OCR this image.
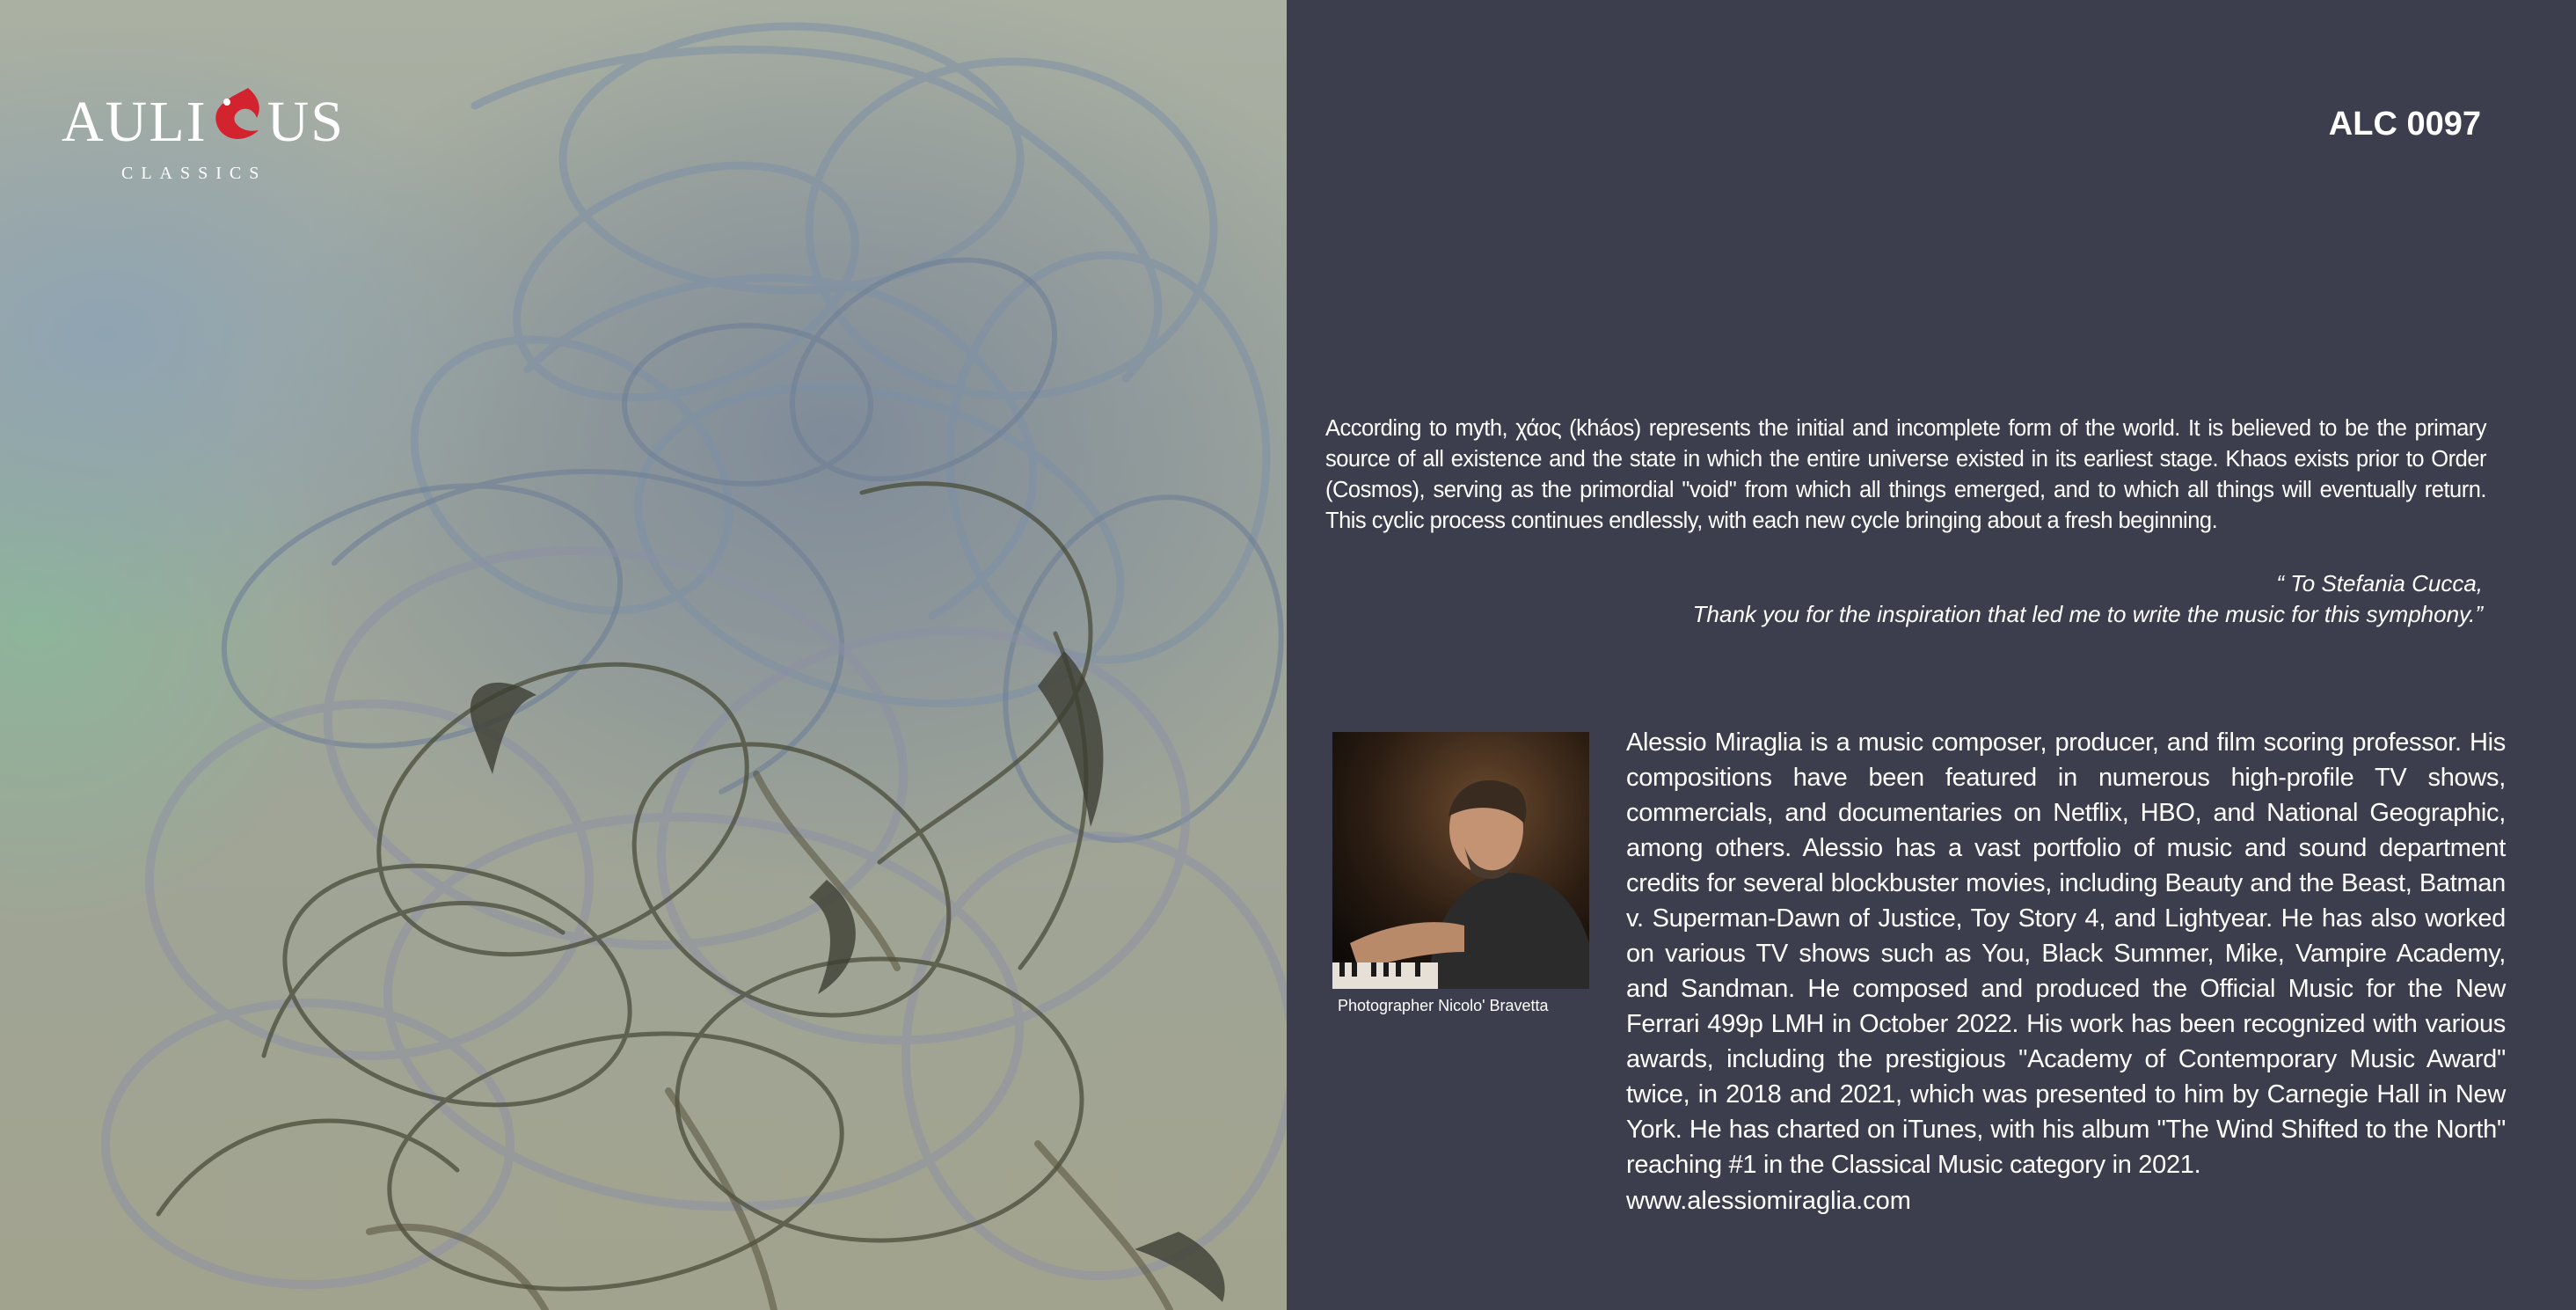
AULI US
CLASSICS
ALC 0097

According to myth, χάος (kháos) represents the initial and incomplete form of the world. It is believed to be the primary source of all existence and the state in which the entire universe existed in its earliest stage. Khaos exists prior to Order (Cosmos), serving as the primordial "void" from which all things emerged, and to which all things will eventually return. This cyclic process continues endlessly, with each new cycle bringing about a fresh beginning.

“ To Stefania Cucca,
Thank you for the inspiration that led me to write the music for this symphony.”
Photographer Nicolo' Bravetta

Alessio Miraglia is a music composer, producer, and film scoring professor. His compositions have been featured in numerous high-profile TV shows, commercials, and documentaries on Netflix, HBO, and National Geographic, among others. Alessio has a vast portfolio of music and sound department credits for several blockbuster movies, including Beauty and the Beast, Batman v. Superman-Dawn of Justice, Toy Story 4, and Lightyear. He has also worked on various TV shows such as You, Black Summer, Mike, Vampire Academy, and Sandman. He composed and produced the Official Music for the New Ferrari 499p LMH in October 2022. His work has been recognized with various awards, including the prestigious "Academy of Contemporary Music Award" twice, in 2018 and 2021, which was presented to him by Carnegie Hall in New York. He has charted on iTunes, with his album "The Wind Shifted to the North" reaching #1 in the Classical Music category in 2021.

www.alessiomiraglia.com
